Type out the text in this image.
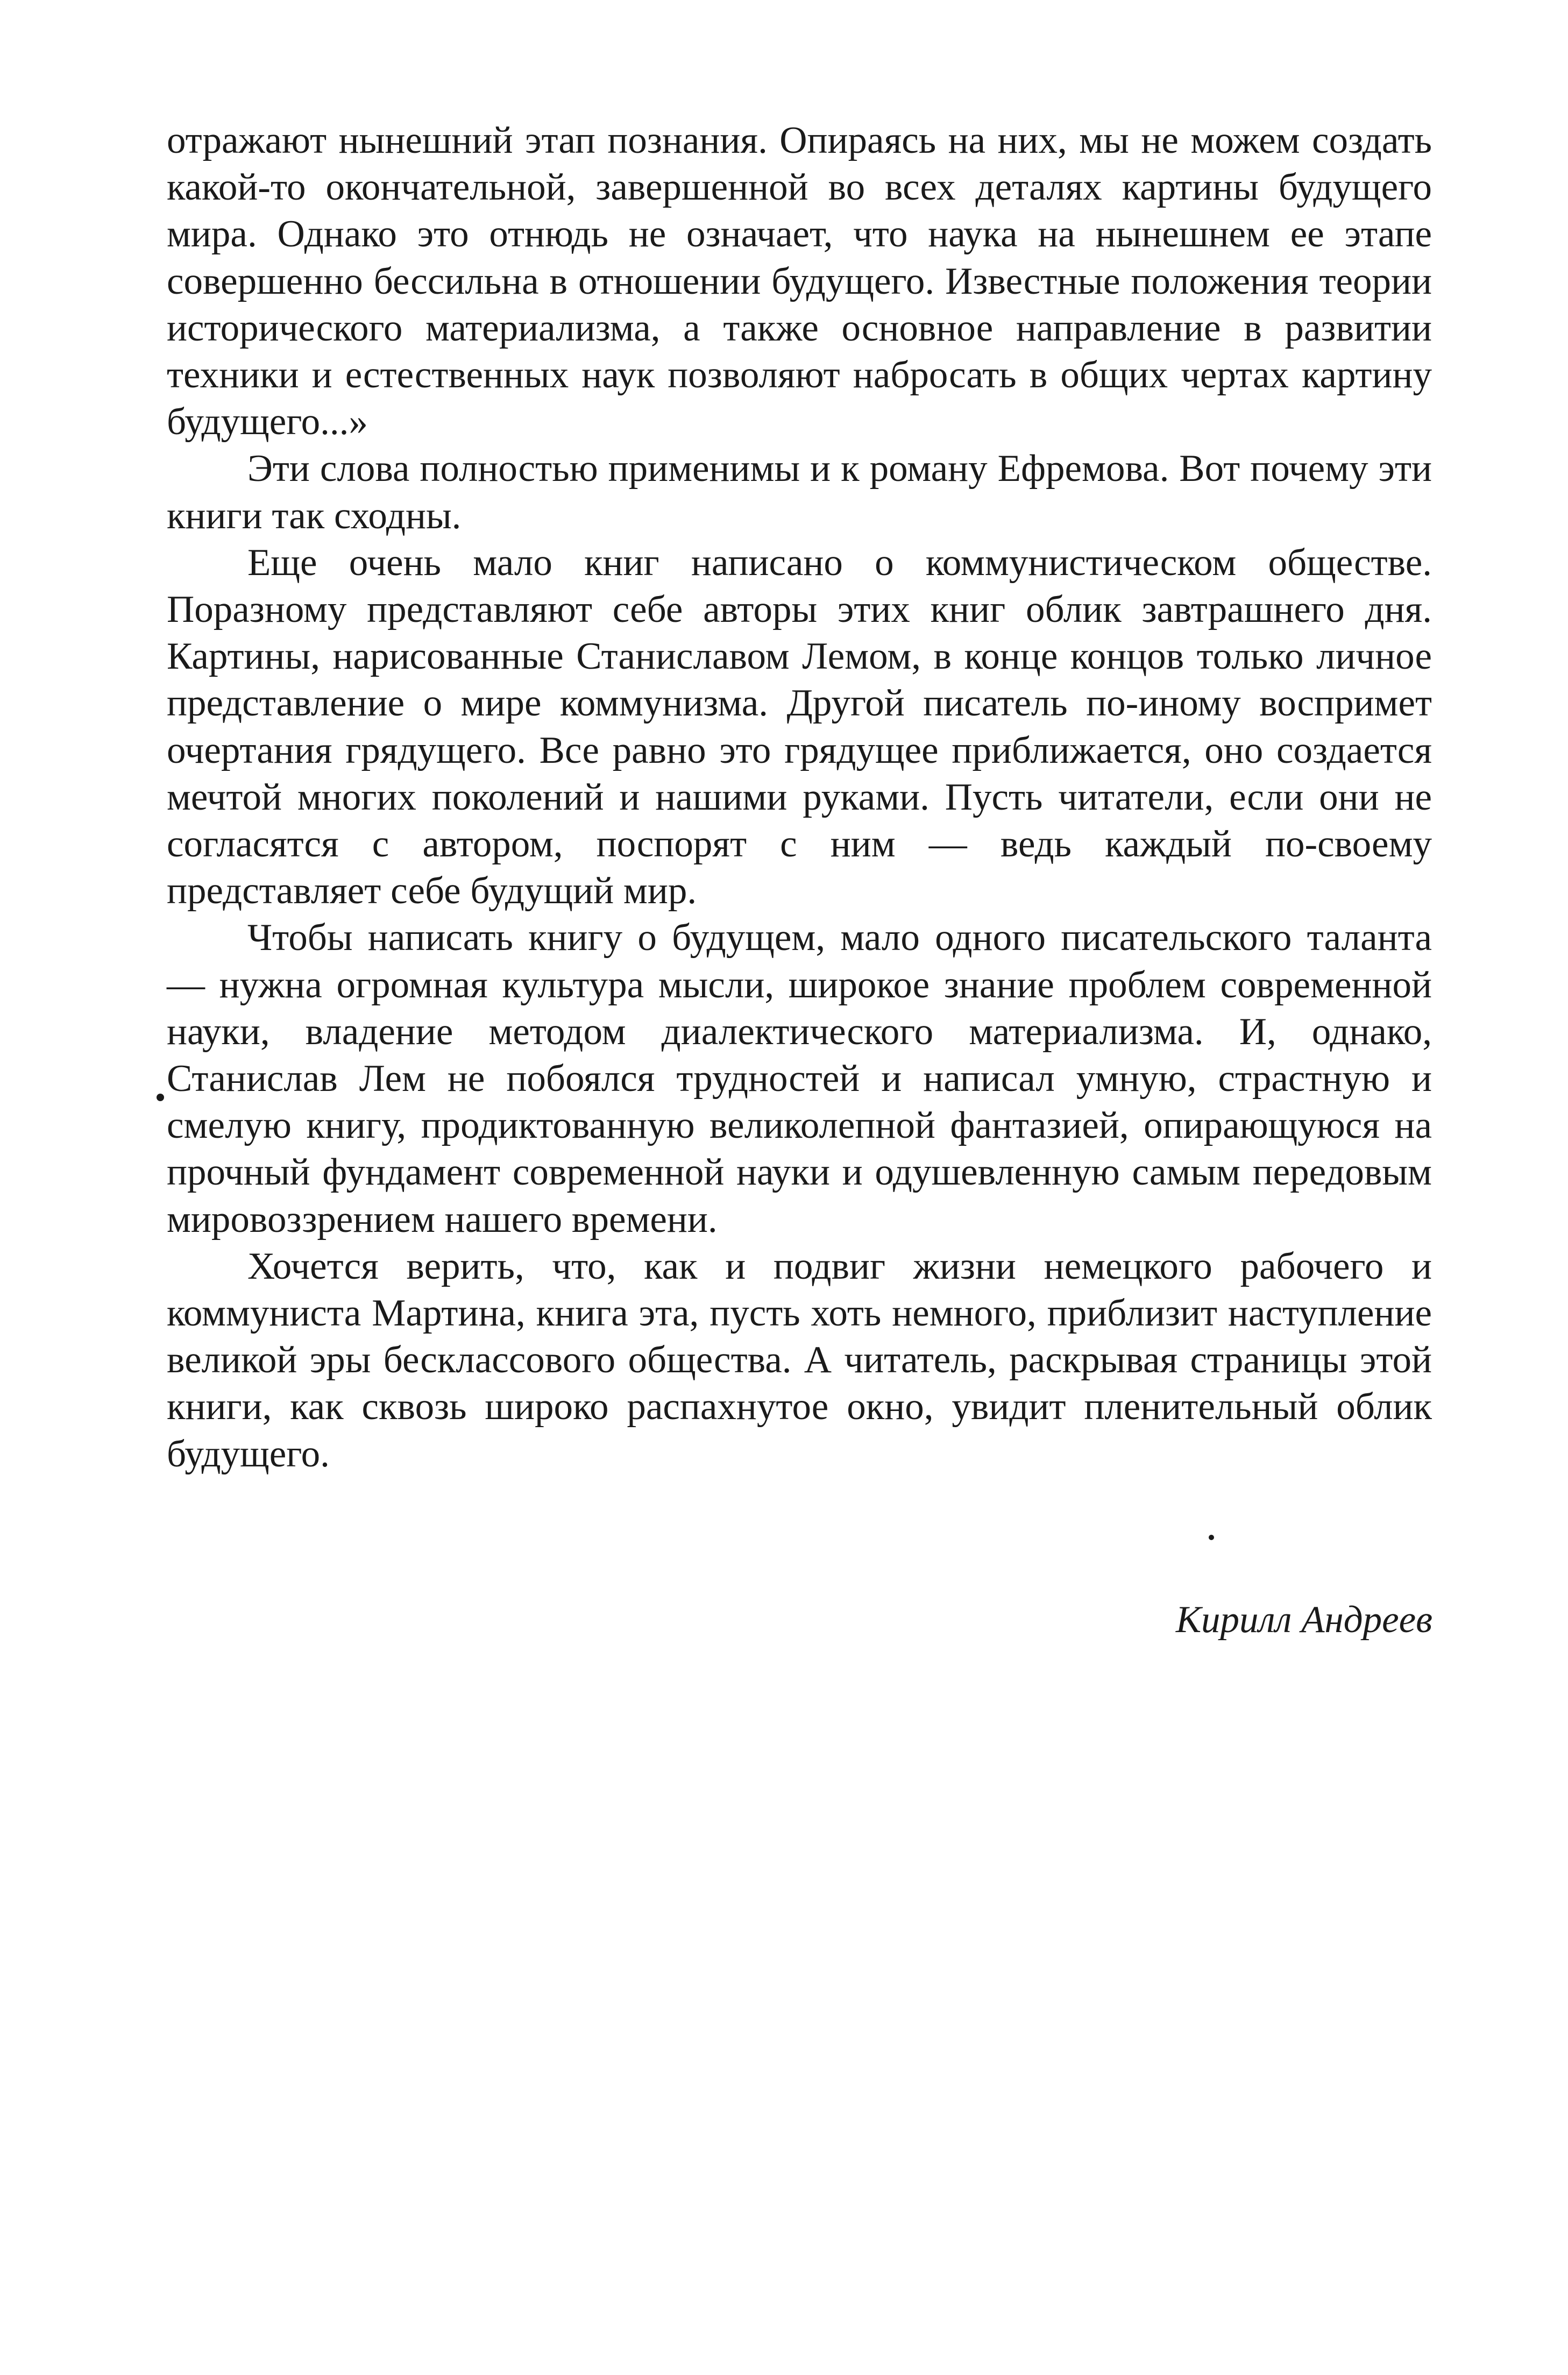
отражают нынешний этап познания. Опираясь на них, мы не можем создать какой-то окончательной, завершенной во всех деталях картины будущего мира. Однако это отнюдь не означает, что наука на нынешнем ее этапе совершенно бессильна в отношении будущего. Известные положения теории исторического материализма, а также основное направление в развитии техники и естественных наук позволяют набросать в общих чертах картину будущего...»

Эти слова полностью применимы и к роману Ефремова. Вот почему эти книги так сходны.

Еще очень мало книг написано о коммунистическом обществе. Поразному представляют себе авторы этих книг облик завтрашнего дня. Картины, нарисованные Станиславом Лемом, в конце концов только личное представление о мире коммунизма. Другой писатель по-иному воспримет очертания грядущего. Все равно это грядущее приближается, оно создается мечтой многих поколений и нашими руками. Пусть читатели, если они не согласятся с автором, поспорят с ним — ведь каждый по-своему представляет себе будущий мир.

Чтобы написать книгу о будущем, мало одного писательского таланта — нужна огромная культура мысли, широкое знание проблем современной науки, владение методом диалектического материализма. И, однако, Станислав Лем не побоялся трудностей и написал умную, страстную и смелую книгу, продиктованную великолепной фантазией, опирающуюся на прочный фундамент современной науки и одушевленную самым передовым мировоззрением нашего времени.

Хочется верить, что, как и подвиг жизни немецкого рабочего и коммуниста Мартина, книга эта, пусть хоть немного, приблизит наступление великой эры бесклассового общества. А читатель, раскрывая страницы этой книги, как сквозь широко распахнутое окно, увидит пленительный облик будущего.

Кирилл Андреев
